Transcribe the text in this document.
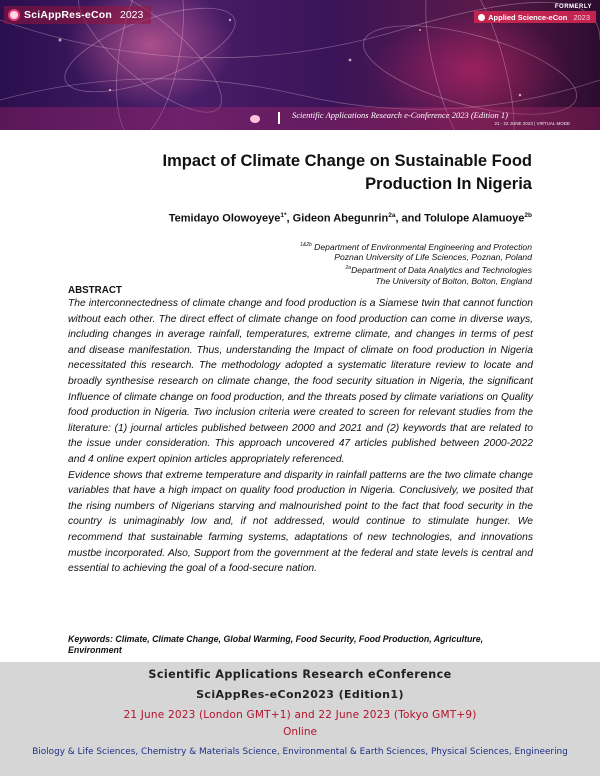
SciAppRes-eCon 2023
FORMERLY
Applied Science-eCon 2023
Scientific Applications Research e-Conference 2023 (Edition 1)
21 - 22 JUNE 2023 | VIRTUAL MODE
Impact of Climate Change on Sustainable Food
Production In Nigeria
Temidayo Olowoyeye$^{1*}$, Gideon Abegunrin$^{2a}$, and Tolulope Alamuoye$^{2b}$
$^{1\&2b}$ Department of Environmental Engineering and Protection
Poznan University of Life Sciences, Poznan, Poland
$^{2a}$Department of Data Analytics and Technologies
The University of Bolton, Bolton, England
ABSTRACT

The interconnectedness of climate change and food production is a Siamese twin that cannot function without each other. The direct effect of climate change on food production can come in diverse ways, including changes in average rainfall, temperatures, extreme climate, and changes in terms of pest and disease manifestation. Thus, understanding the Impact of climate on food production in Nigeria necessitated this research. The methodology adopted a systematic literature review to locate and broadly synthesise research on climate change, the food security situation in Nigeria, the significant Influence of climate change on food production, and the threats posed by climate variations on Quality food production in Nigeria. Two inclusion criteria were created to screen for relevant studies from the literature: (1) journal articles published between 2000 and 2021 and (2) keywords that are related to the issue under consideration. This approach uncovered 47 articles published between 2000-2022 and 4 online expert opinion articles appropriately referenced.

Evidence shows that extreme temperature and disparity in rainfall patterns are the two climate change variables that have a high impact on quality food production in Nigeria. Conclusively, we posited that the rising numbers of Nigerians starving and malnourished point to the fact that food security in the country is unimaginably low and, if not addressed, would continue to stimulate hunger. We recommend that sustainable farming systems, adaptations of new technologies, and innovations mustbe incorporated. Also, Support from the government at the federal and state levels is central and essential to achieving the goal of a food-secure nation.

Keywords: Climate, Climate Change, Global Warming, Food Security, Food Production, Agriculture, Environment
Scientific Applications Research eConference
SciAppRes-eCon2023 (Edition1)
21 June 2023 (London GMT+1) and 22 June 2023 (Tokyo GMT+9)
Online
Biology & Life Sciences, Chemistry & Materials Science, Environmental & Earth Sciences, Physical Sciences, Engineering
